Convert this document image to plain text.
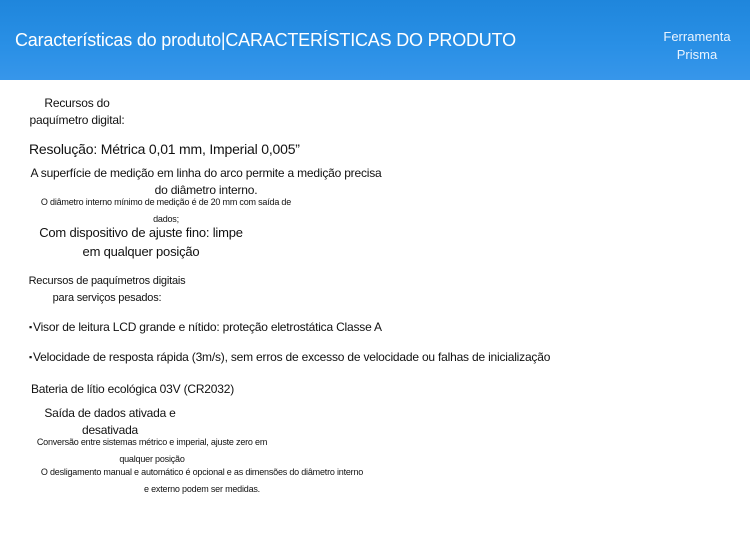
Características do produto|CARACTERÍSTICAS DO PRODUTO	Ferramenta
Prisma
Recursos do paquímetro digital:
Resolução: Métrica 0,01 mm, Imperial 0,005”
A superfície de medição em linha do arco permite a medição precisa do diâmetro interno.
O diâmetro interno mínimo de medição é de 20 mm com saída de dados;
Com dispositivo de ajuste fino: limpe em qualquer posição
Recursos de paquímetros digitais para serviços pesados:
▪Visor de leitura LCD grande e nítido: proteção eletrostática Classe A
▪Velocidade de resposta rápida (3m/s), sem erros de excesso de velocidade ou falhas de inicialização
Bateria de lítio ecológica 03V (CR2032)
Saída de dados ativada e desativada
Conversão entre sistemas métrico e imperial, ajuste zero em qualquer posição
O desligamento manual e automático é opcional e as dimensões do diâmetro interno e externo podem ser medidas.
